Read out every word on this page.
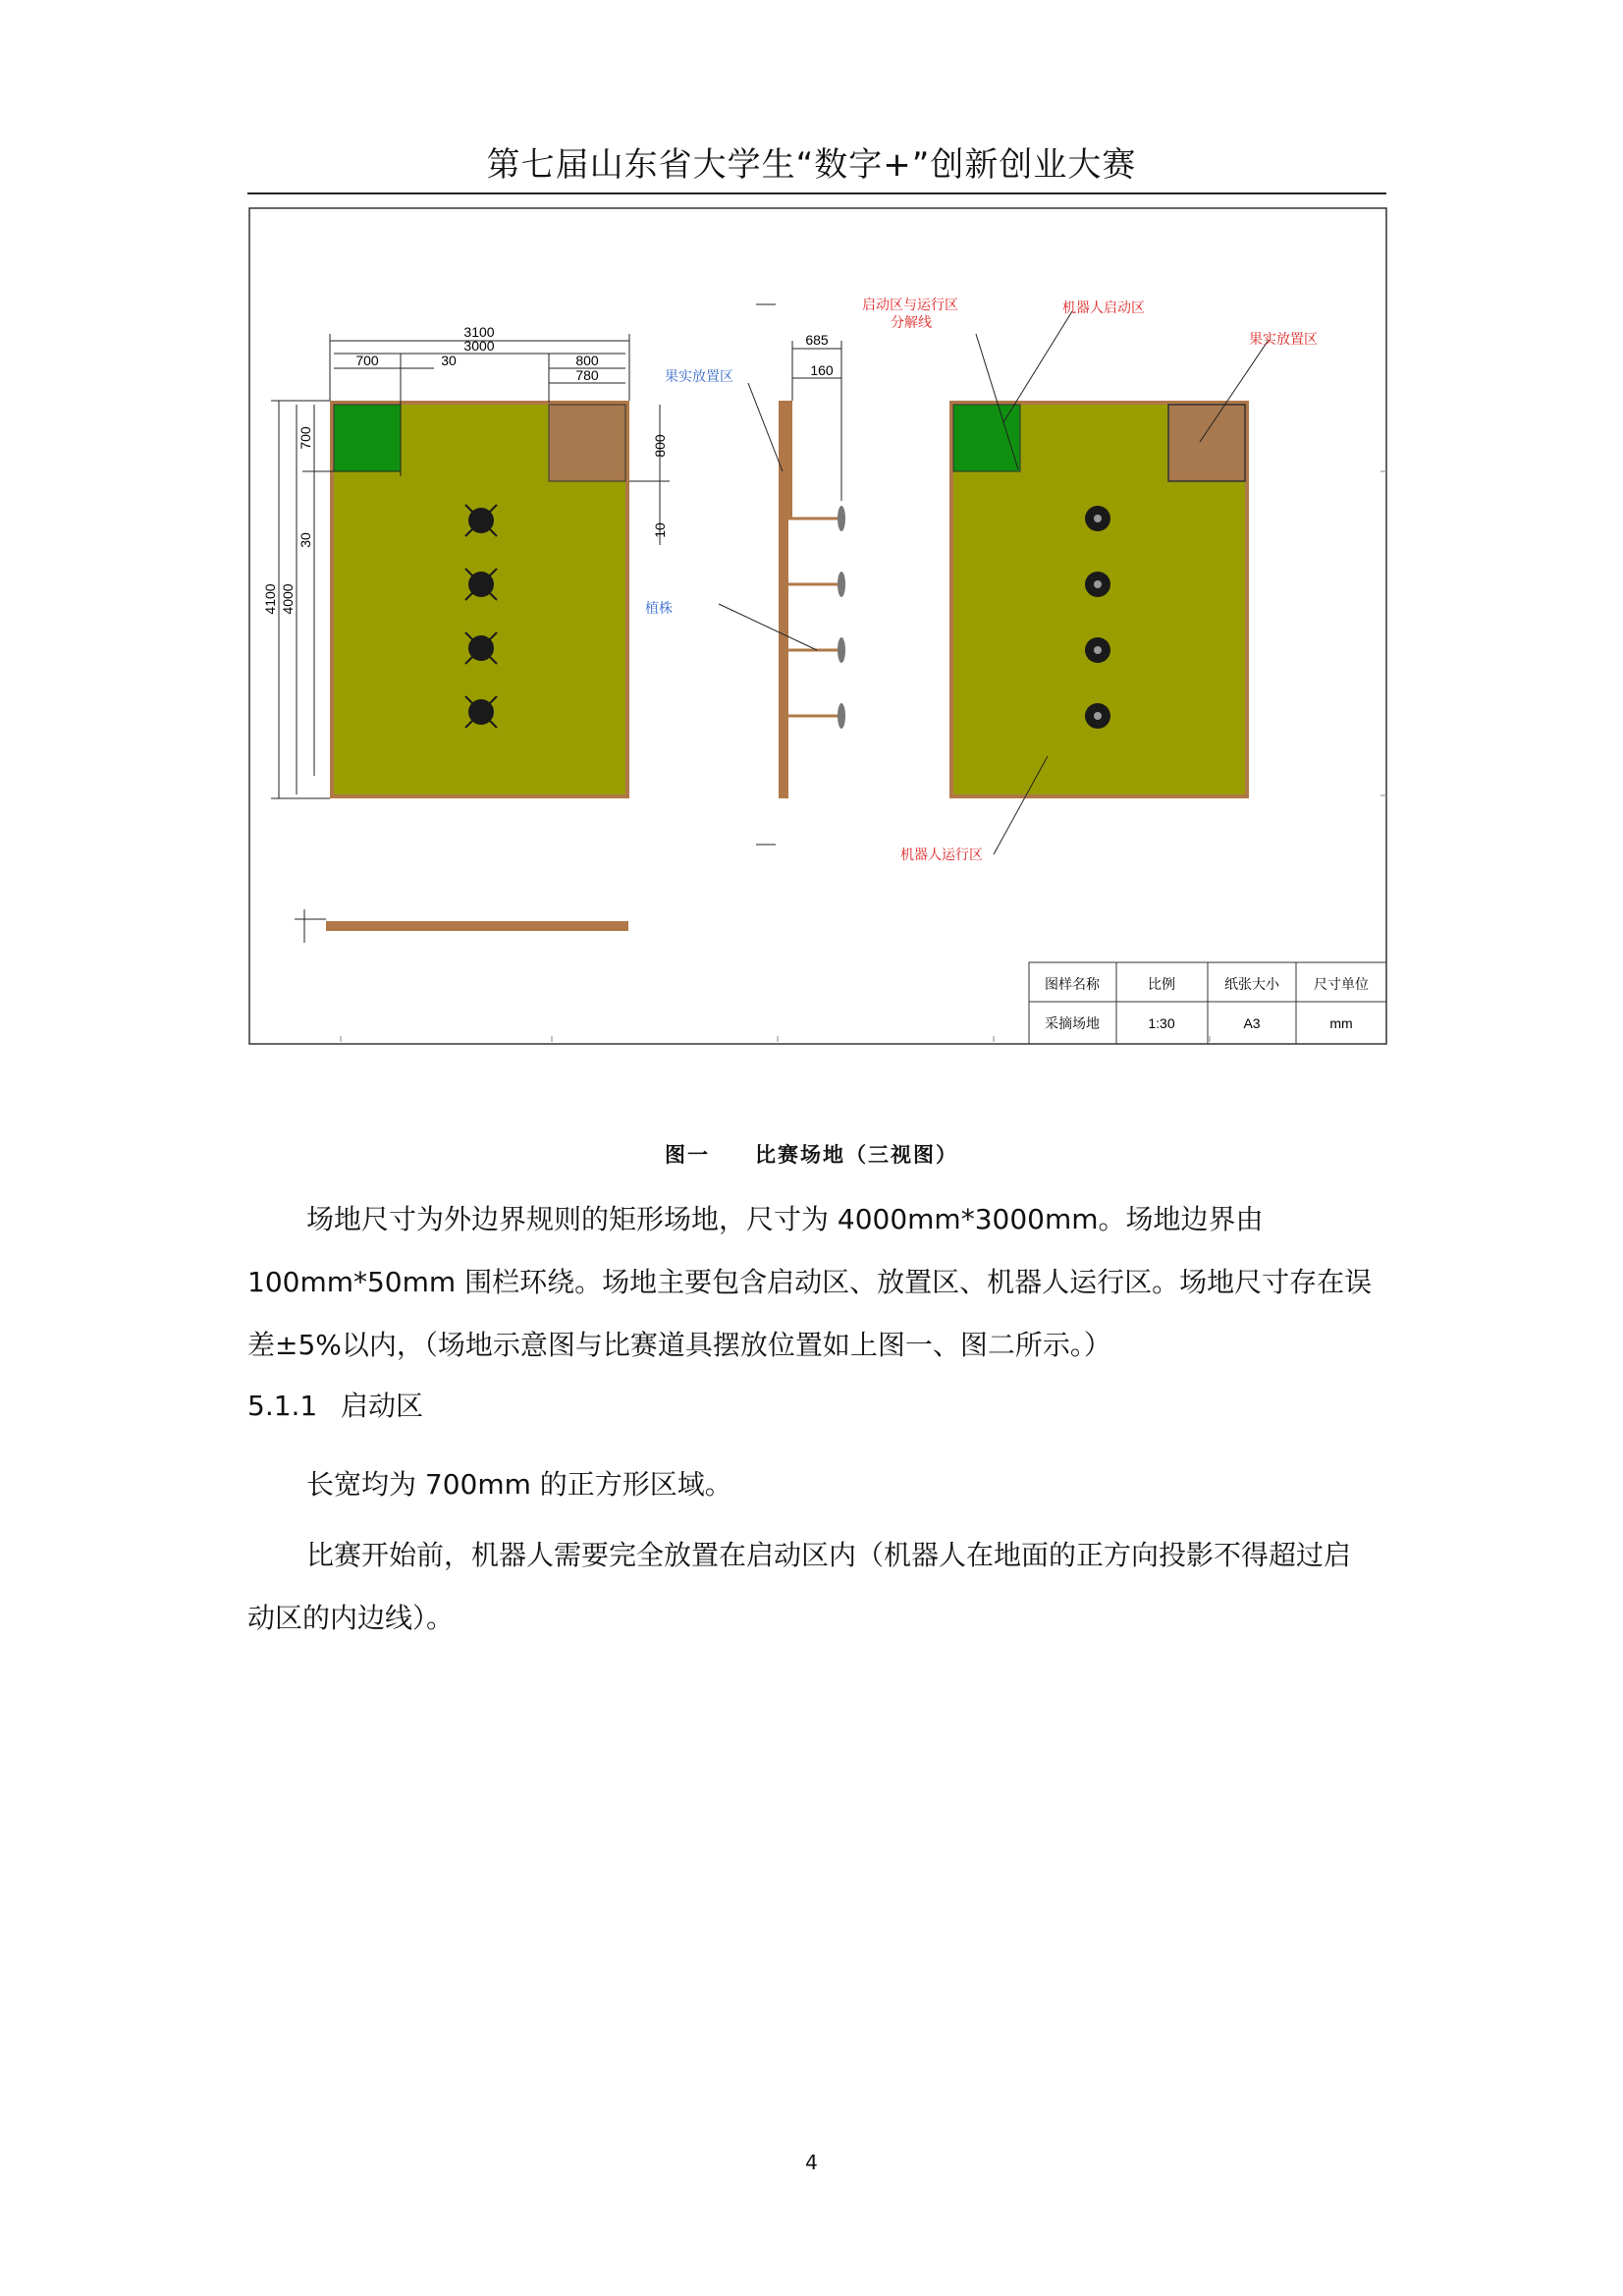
第七届山东省大学生“数字+”创新创业大赛
3100
3000
700	30	800
780
4100 4000
700
30
800
10
685
160
果实放置区
启动区与运行区分解线
机器人启动区
果实放置区
植株
机器人运行区
图样名称	比例	纸张大小	尺寸单位
采摘场地	1:30	A3	mm
图一　　比赛场地（三视图）
场地尺寸为外边界规则的矩形场地，尺寸为 4000mm*3000mm。场地边界由
100mm*50mm 围栏环绕。场地主要包含启动区、放置区、机器人运行区。场地尺寸存在误
差±5%以内，（场地示意图与比赛道具摆放位置如上图一、图二所示。）
5.1.1 启动区
长宽均为 700mm 的正方形区域。
比赛开始前，机器人需要完全放置在启动区内（机器人在地面的正方向投影不得超过启
动区的内边线）。
4
